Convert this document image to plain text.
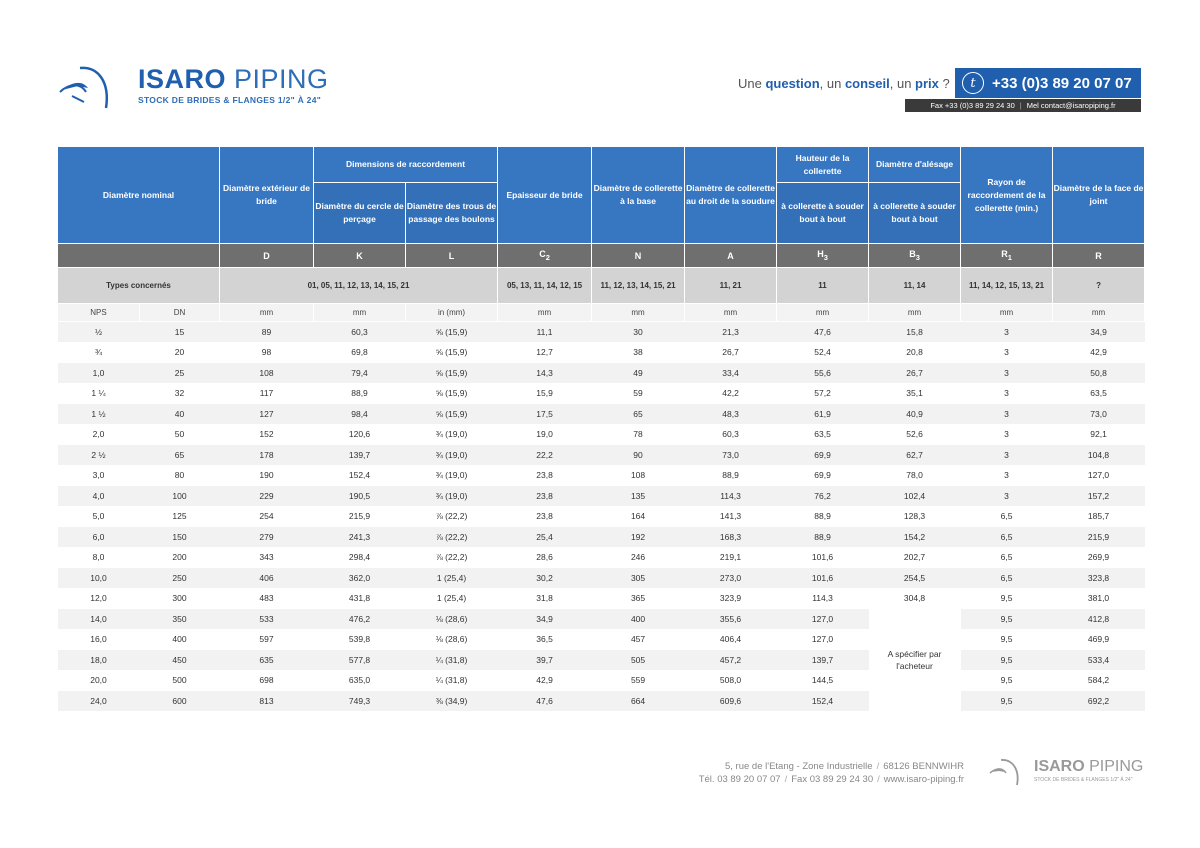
ISARO PIPING
STOCK DE BRIDES & FLANGES 1/2" À 24"
Une question, un conseil, un prix ?	t	+33 (0)3 89 20 07 07
Fax +33 (0)3 89 29 24 30 | Mel contact@isaropiping.fr
Diamètre nominal		Diamètre extérieur de bride	Dimensions de raccordement		Epaisseur de bride	Diamètre de collerette à la base	Diamètre de collerette au droit de la soudure	Hauteur de la collerette	Diamètre d'alésage	Rayon de raccordement de la collerette (min.)	Diamètre de la face de joint
			Diamètre du cercle de perçage	Diamètre des trous de passage des boulons				à collerette à souder bout à bout	à collerette à souder bout à bout		
		D	K	L	$C_2$	N	A	$H_3$	$B_3$	$R_1$	R
Types concernés		01, 05, 11, 12, 13, 14, 15, 21			05, 13, 11, 14, 12, 15	11, 12, 13, 14, 15, 21	11, 21	11	11, 14	11, 14, 12, 15, 13, 21	?
NPS	DN	mm	mm	in (mm)	mm	mm	mm	mm	mm	mm	mm
½	15	89	60,3	⅝ (15,9)	11,1	30	21,3	47,6	15,8	3	34,9
¾	20	98	69,8	⅝ (15,9)	12,7	38	26,7	52,4	20,8	3	42,9
1,0	25	108	79,4	⅝ (15,9)	14,3	49	33,4	55,6	26,7	3	50,8
1 ¼	32	117	88,9	⅝ (15,9)	15,9	59	42,2	57,2	35,1	3	63,5
1 ½	40	127	98,4	⅝ (15,9)	17,5	65	48,3	61,9	40,9	3	73,0
2,0	50	152	120,6	¾ (19,0)	19,0	78	60,3	63,5	52,6	3	92,1
2 ½	65	178	139,7	¾ (19,0)	22,2	90	73,0	69,9	62,7	3	104,8
3,0	80	190	152,4	¾ (19,0)	23,8	108	88,9	69,9	78,0	3	127,0
4,0	100	229	190,5	¾ (19,0)	23,8	135	114,3	76,2	102,4	3	157,2
5,0	125	254	215,9	⅞ (22,2)	23,8	164	141,3	88,9	128,3	6,5	185,7
6,0	150	279	241,3	⅞ (22,2)	25,4	192	168,3	88,9	154,2	6,5	215,9
8,0	200	343	298,4	⅞ (22,2)	28,6	246	219,1	101,6	202,7	6,5	269,9
10,0	250	406	362,0	1 (25,4)	30,2	305	273,0	101,6	254,5	6,5	323,8
12,0	300	483	431,8	1 (25,4)	31,8	365	323,9	114,3	304,8	9,5	381,0
14,0	350	533	476,2	⅛ (28,6)	34,9	400	355,6	127,0	A spécifier par l'acheteur	9,5	412,8
16,0	400	597	539,8	⅛ (28,6)	36,5	457	406,4	127,0		9,5	469,9
18,0	450	635	577,8	¼ (31,8)	39,7	505	457,2	139,7		9,5	533,4
20,0	500	698	635,0	¼ (31,8)	42,9	559	508,0	144,5		9,5	584,2
24,0	600	813	749,3	⅜ (34,9)	47,6	664	609,6	152,4		9,5	692,2
5, rue de l'Etang - Zone Industrielle / 68126 BENNWIHR
Tél. 03 89 20 07 07 / Fax 03 89 29 24 30 / www.isaro-piping.fr
ISARO PIPING
STOCK DE BRIDES & FLANGES 1/2" À 24"
